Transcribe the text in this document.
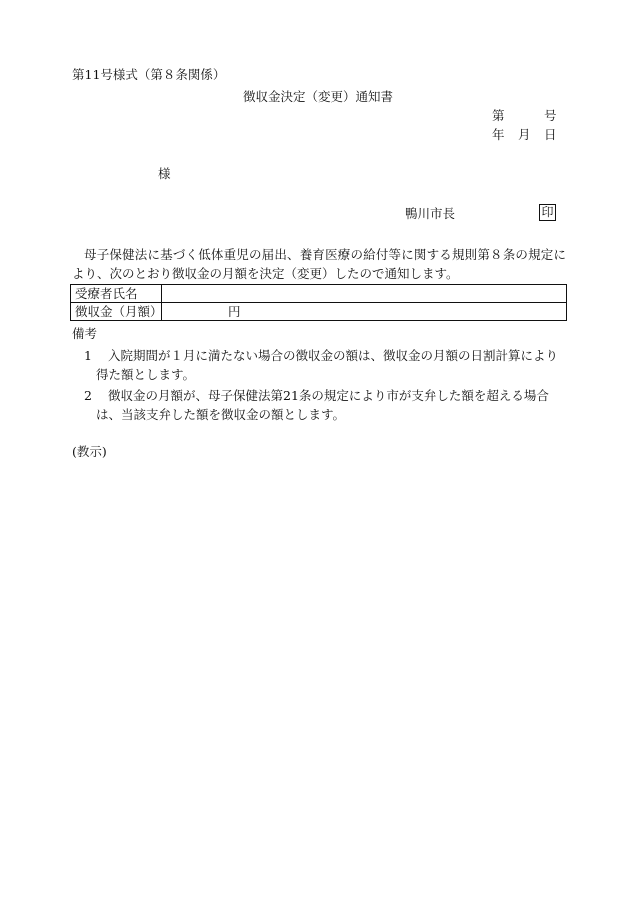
第11号様式（第８条関係）
徴収金決定（変更）通知書
第	号
年 月 日
様
鴨川市長	印
母子保健法に基づく低体重児の届出、養育医療の給付等に関する規則第８条の規定により、次のとおり徴収金の月額を決定（変更）したので通知します。
受療者氏名	
徴収金（月額）	円
備考
1 入院期間が１月に満たない場合の徴収金の額は、徴収金の月額の日割計算により得た額とします。
2 徴収金の月額が、母子保健法第21条の規定により市が支弁した額を超える場合は、当該支弁した額を徴収金の額とします。
(教示)
